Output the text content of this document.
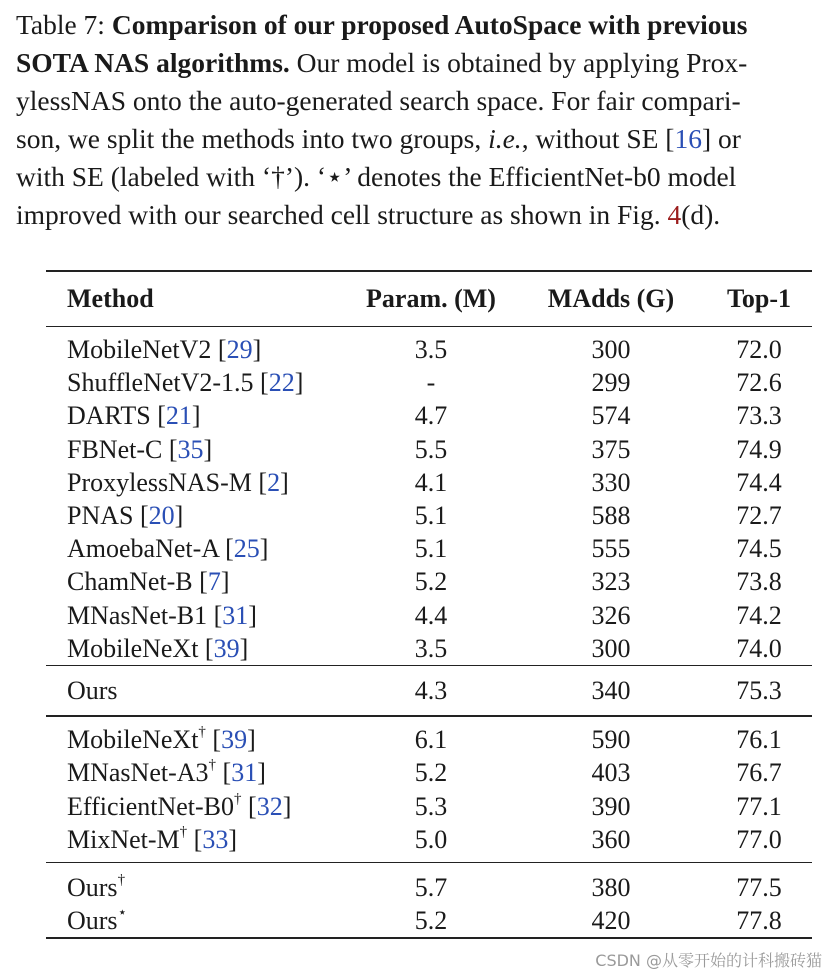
Table 7: Comparison of our proposed AutoSpace with previous
SOTA NAS algorithms. Our model is obtained by applying Prox-
ylessNAS onto the auto-generated search space. For fair compari-
son, we split the methods into two groups, i.e., without SE [16] or
with SE (labeled with ‘†’). ‘⋆’ denotes the EfficientNet-b0 model
improved with our searched cell structure as shown in Fig. 4(d).
Method	Param. (M)	MAdds (G)	Top-1
MobileNetV2 [29]	3.5	300	72.0
ShuffleNetV2-1.5 [22]	-	299	72.6
DARTS [21]	4.7	574	73.3
FBNet-C [35]	5.5	375	74.9
ProxylessNAS-M [2]	4.1	330	74.4
PNAS [20]	5.1	588	72.7
AmoebaNet-A [25]	5.1	555	74.5
ChamNet-B [7]	5.2	323	73.8
MNasNet-B1 [31]	4.4	326	74.2
MobileNeXt [39]	3.5	300	74.0
Ours	4.3	340	75.3
MobileNeXt† [39]	6.1	590	76.1
MNasNet-A3† [31]	5.2	403	76.7
EfficientNet-B0† [32]	5.3	390	77.1
MixNet-M† [33]	5.0	360	77.0
Ours†	5.7	380	77.5
Ours⋆	5.2	420	77.8
CSDN @从零开始的计科搬砖猫
